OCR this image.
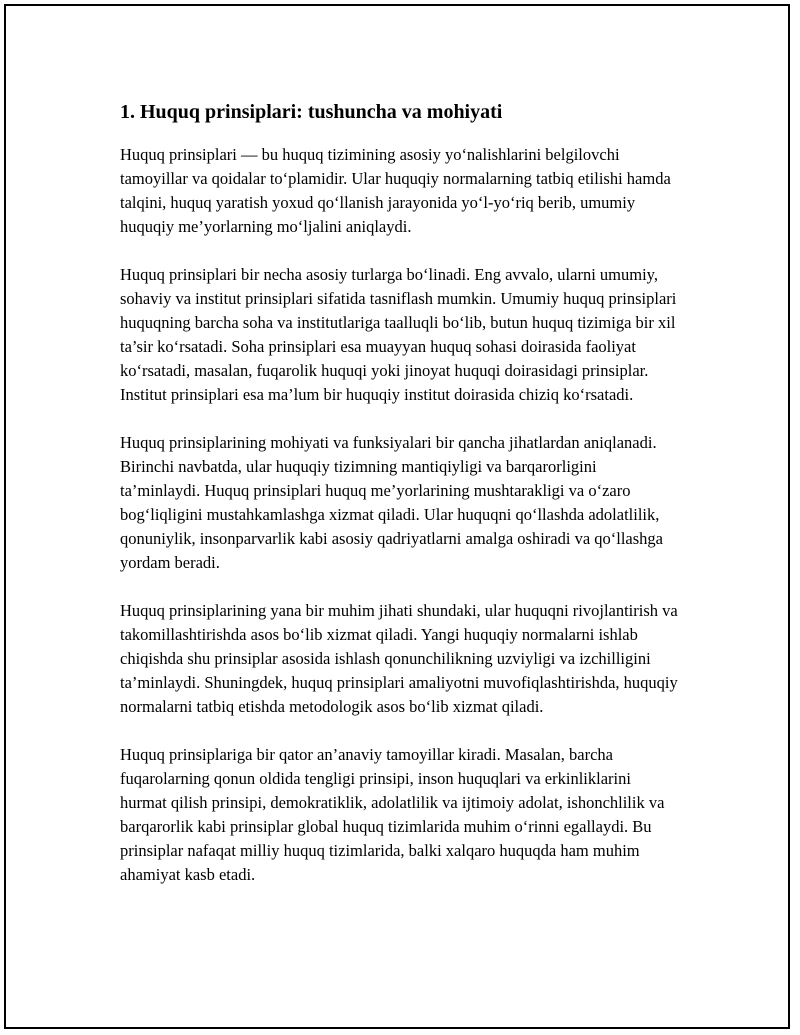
1. Huquq prinsiplari: tushuncha va mohiyati

Huquq prinsiplari — bu huquq tizimining asosiy yo‘nalishlarini belgilovchi tamoyillar va qoidalar to‘plamidir. Ular huquqiy normalarning tatbiq etilishi hamda talqini, huquq yaratish yoxud qo‘llanish jarayonida yo‘l-yo‘riq berib, umumiy huquqiy me’yorlarning mo‘ljalini aniqlaydi.

Huquq prinsiplari bir necha asosiy turlarga bo‘linadi. Eng avvalo, ularni umumiy, sohaviy va institut prinsiplari sifatida tasniflash mumkin. Umumiy huquq prinsiplari huquqning barcha soha va institutlariga taalluqli bo‘lib, butun huquq tizimiga bir xil ta’sir ko‘rsatadi. Soha prinsiplari esa muayyan huquq sohasi doirasida faoliyat ko‘rsatadi, masalan, fuqarolik huquqi yoki jinoyat huquqi doirasidagi prinsiplar. Institut prinsiplari esa ma’lum bir huquqiy institut doirasida chiziq ko‘rsatadi.

Huquq prinsiplarining mohiyati va funksiyalari bir qancha jihatlardan aniqlanadi. Birinchi navbatda, ular huquqiy tizimning mantiqiyligi va barqarorligini ta’minlaydi. Huquq prinsiplari huquq me’yorlarining mushtarakligi va o‘zaro bog‘liqligini mustahkamlashga xizmat qiladi. Ular huquqni qo‘llashda adolatlilik, qonuniylik, insonparvarlik kabi asosiy qadriyatlarni amalga oshiradi va qo‘llashga yordam beradi.

Huquq prinsiplarining yana bir muhim jihati shundaki, ular huquqni rivojlantirish va takomillashtirishda asos bo‘lib xizmat qiladi. Yangi huquqiy normalarni ishlab chiqishda shu prinsiplar asosida ishlash qonunchilikning uzviyligi va izchilligini ta’minlaydi. Shuningdek, huquq prinsiplari amaliyotni muvofiqlashtirishda, huquqiy normalarni tatbiq etishda metodologik asos bo‘lib xizmat qiladi.

Huquq prinsiplariga bir qator an’anaviy tamoyillar kiradi. Masalan, barcha fuqarolarning qonun oldida tengligi prinsipi, inson huquqlari va erkinliklarini hurmat qilish prinsipi, demokratiklik, adolatlilik va ijtimoiy adolat, ishonchlilik va barqarorlik kabi prinsiplar global huquq tizimlarida muhim o‘rinni egallaydi. Bu prinsiplar nafaqat milliy huquq tizimlarida, balki xalqaro huquqda ham muhim ahamiyat kasb etadi.
